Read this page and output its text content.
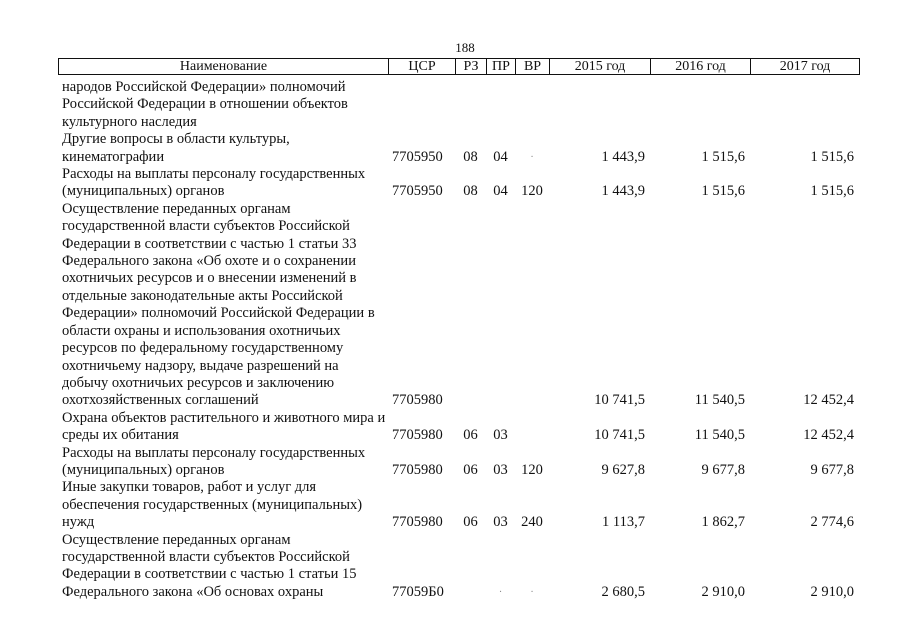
188
Наименование	ЦСР	РЗ	ПР	ВР	2015 год	2016 год	2017 год
народов Российской Федерации» полномочий Российской Федерации в отношении объектов культурного наследия							
Другие вопросы в области культуры, кинематографии	7705950	08	04	·	1 443,9	1 515,6	1 515,6
Расходы на выплаты персоналу государственных (муниципальных) органов	7705950	08	04	120	1 443,9	1 515,6	1 515,6
Осуществление переданных органам государственной власти субъектов Российской Федерации в соответствии с частью 1 статьи 33 Федерального закона «Об охоте и о сохранении охотничьих ресурсов и о внесении изменений в отдельные законодательные акты Российской Федерации» полномочий Российской Федерации в области охраны и использования охотничьих ресурсов по федеральному государственному охотничьему надзору, выдаче разрешений на добычу охотничьих ресурсов и заключению охотхозяйственных соглашений	7705980				10 741,5	11 540,5	12 452,4
Охрана объектов растительного и животного мира и среды их обитания	7705980	06	03		10 741,5	11 540,5	12 452,4
Расходы на выплаты персоналу государственных (муниципальных) органов	7705980	06	03	120	9 627,8	9 677,8	9 677,8
Иные закупки товаров, работ и услуг для обеспечения государственных (муниципальных) нужд	7705980	06	03	240	1 113,7	1 862,7	2 774,6
Осуществление переданных органам государственной власти субъектов Российской Федерации в соответствии с частью 1 статьи 15 Федерального закона «Об основах охраны	77059Б0		·	·	2 680,5	2 910,0	2 910,0
